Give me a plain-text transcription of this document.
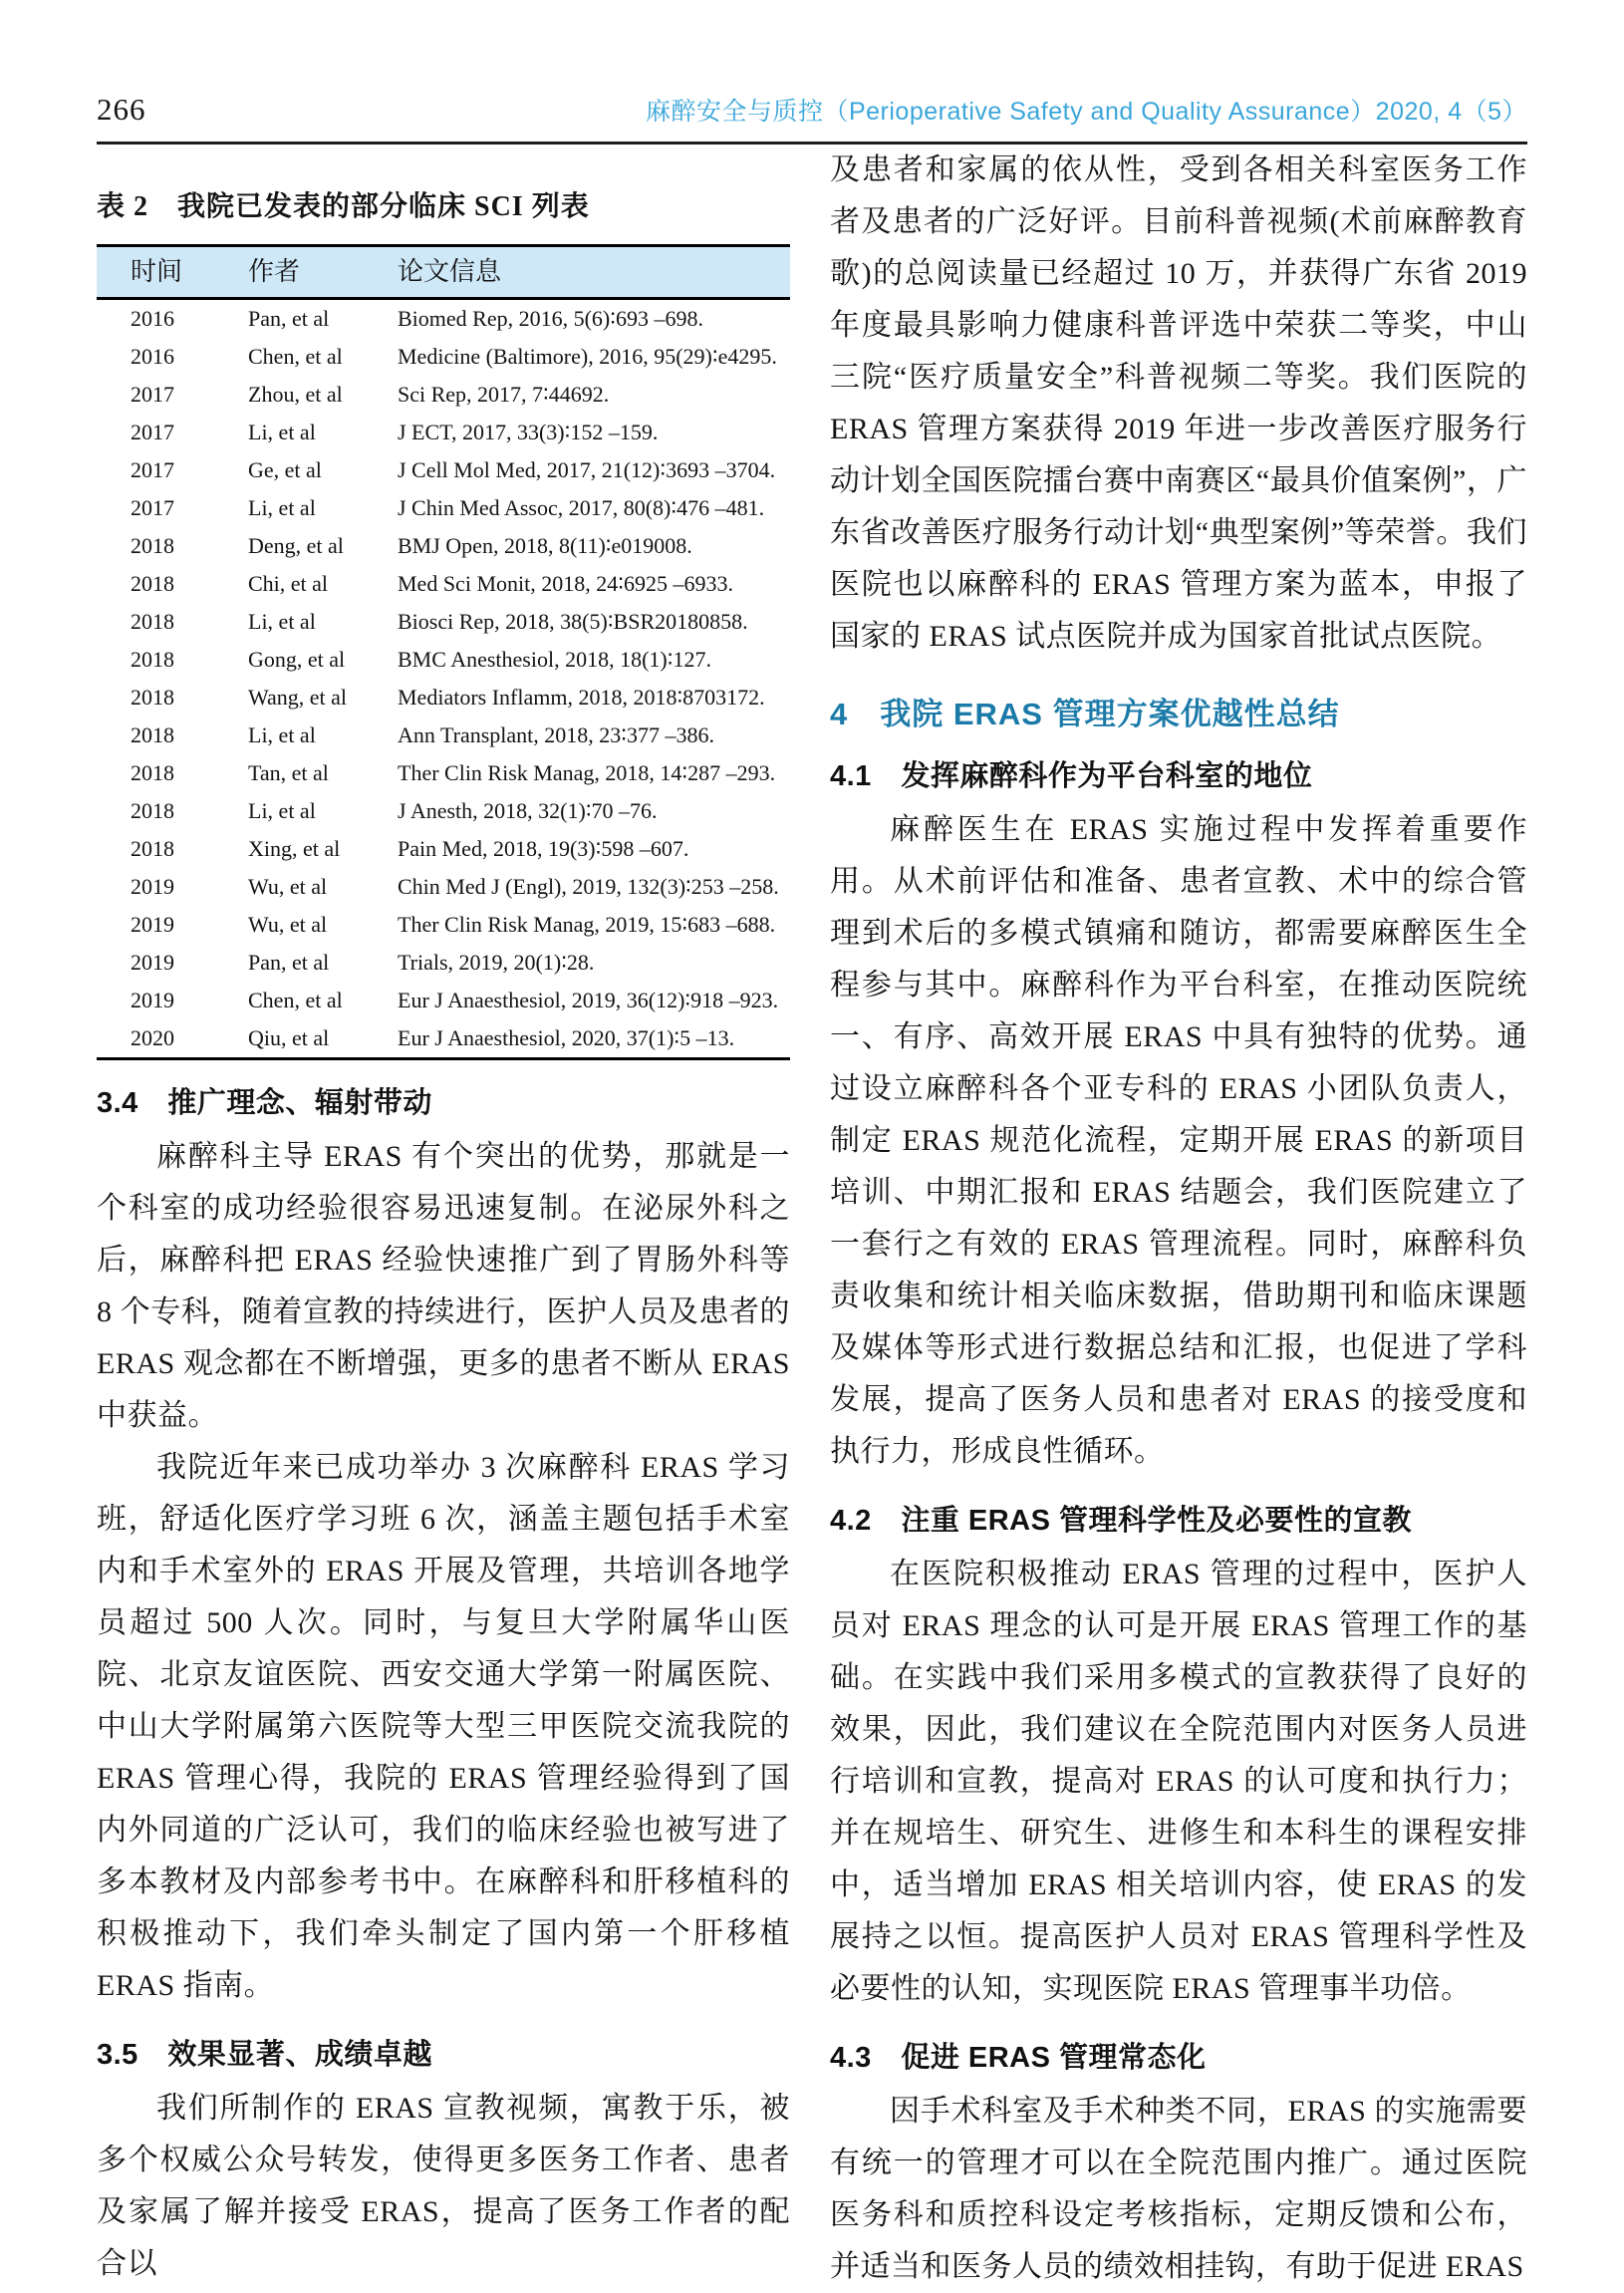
266	麻醉安全与质控（Perioperative Safety and Quality Assurance）2020, 4（5）
表 2　我院已发表的部分临床 SCI 列表
时间	作者	论文信息
2016	Pan, et al	Biomed Rep, 2016, 5(6)∶693 –698.
2016	Chen, et al	Medicine (Baltimore), 2016, 95(29)∶e4295.
2017	Zhou, et al	Sci Rep, 2017, 7∶44692.
2017	Li, et al	J ECT, 2017, 33(3)∶152 –159.
2017	Ge, et al	J Cell Mol Med, 2017, 21(12)∶3693 –3704.
2017	Li, et al	J Chin Med Assoc, 2017, 80(8)∶476 –481.
2018	Deng, et al	BMJ Open, 2018, 8(11)∶e019008.
2018	Chi, et al	Med Sci Monit, 2018, 24∶6925 –6933.
2018	Li, et al	Biosci Rep, 2018, 38(5)∶BSR20180858.
2018	Gong, et al	BMC Anesthesiol, 2018, 18(1)∶127.
2018	Wang, et al	Mediators Inflamm, 2018, 2018∶8703172.
2018	Li, et al	Ann Transplant, 2018, 23∶377 –386.
2018	Tan, et al	Ther Clin Risk Manag, 2018, 14∶287 –293.
2018	Li, et al	J Anesth, 2018, 32(1)∶70 –76.
2018	Xing, et al	Pain Med, 2018, 19(3)∶598 –607.
2019	Wu, et al	Chin Med J (Engl), 2019, 132(3)∶253 –258.
2019	Wu, et al	Ther Clin Risk Manag, 2019, 15∶683 –688.
2019	Pan, et al	Trials, 2019, 20(1)∶28.
2019	Chen, et al	Eur J Anaesthesiol, 2019, 36(12)∶918 –923.
2020	Qiu, et al	Eur J Anaesthesiol, 2020, 37(1)∶5 –13.
3.4　推广理念、辐射带动
麻醉科主导 ERAS 有个突出的优势，那就是一个科室的成功经验很容易迅速复制。在泌尿外科之后，麻醉科把 ERAS 经验快速推广到了胃肠外科等 8 个专科，随着宣教的持续进行，医护人员及患者的 ERAS 观念都在不断增强，更多的患者不断从 ERAS 中获益。
我院近年来已成功举办 3 次麻醉科 ERAS 学习班，舒适化医疗学习班 6 次，涵盖主题包括手术室内和手术室外的 ERAS 开展及管理，共培训各地学员超过 500 人次。同时，与复旦大学附属华山医院、北京友谊医院、西安交通大学第一附属医院、中山大学附属第六医院等大型三甲医院交流我院的 ERAS 管理心得，我院的 ERAS 管理经验得到了国内外同道的广泛认可，我们的临床经验也被写进了多本教材及内部参考书中。在麻醉科和肝移植科的积极推动下，我们牵头制定了国内第一个肝移植 ERAS 指南。
3.5　效果显著、成绩卓越
我们所制作的 ERAS 宣教视频，寓教于乐，被多个权威公众号转发，使得更多医务工作者、患者及家属了解并接受 ERAS，提高了医务工作者的配合以
及患者和家属的依从性，受到各相关科室医务工作者及患者的广泛好评。目前科普视频(术前麻醉教育歌)的总阅读量已经超过 10 万，并获得广东省 2019 年度最具影响力健康科普评选中荣获二等奖，中山三院“医疗质量安全”科普视频二等奖。我们医院的 ERAS 管理方案获得 2019 年进一步改善医疗服务行动计划全国医院擂台赛中南赛区“最具价值案例”，广东省改善医疗服务行动计划“典型案例”等荣誉。我们医院也以麻醉科的 ERAS 管理方案为蓝本，申报了国家的 ERAS 试点医院并成为国家首批试点医院。
4　我院 ERAS 管理方案优越性总结
4.1　发挥麻醉科作为平台科室的地位
麻醉医生在 ERAS 实施过程中发挥着重要作用。从术前评估和准备、患者宣教、术中的综合管理到术后的多模式镇痛和随访，都需要麻醉医生全程参与其中。麻醉科作为平台科室，在推动医院统一、有序、高效开展 ERAS 中具有独特的优势。通过设立麻醉科各个亚专科的 ERAS 小团队负责人，制定 ERAS 规范化流程，定期开展 ERAS 的新项目培训、中期汇报和 ERAS 结题会，我们医院建立了一套行之有效的 ERAS 管理流程。同时，麻醉科负责收集和统计相关临床数据，借助期刊和临床课题及媒体等形式进行数据总结和汇报，也促进了学科发展，提高了医务人员和患者对 ERAS 的接受度和执行力，形成良性循环。
4.2　注重 ERAS 管理科学性及必要性的宣教
在医院积极推动 ERAS 管理的过程中，医护人员对 ERAS 理念的认可是开展 ERAS 管理工作的基础。在实践中我们采用多模式的宣教获得了良好的效果，因此，我们建议在全院范围内对医务人员进行培训和宣教，提高对 ERAS 的认可度和执行力；并在规培生、研究生、进修生和本科生的课程安排中，适当增加 ERAS 相关培训内容，使 ERAS 的发展持之以恒。提高医护人员对 ERAS 管理科学性及必要性的认知，实现医院 ERAS 管理事半功倍。
4.3　促进 ERAS 管理常态化
因手术科室及手术种类不同，ERAS 的实施需要有统一的管理才可以在全院范围内推广。通过医院医务科和质控科设定考核指标，定期反馈和公布，并适当和医务人员的绩效相挂钩，有助于促进 ERAS
